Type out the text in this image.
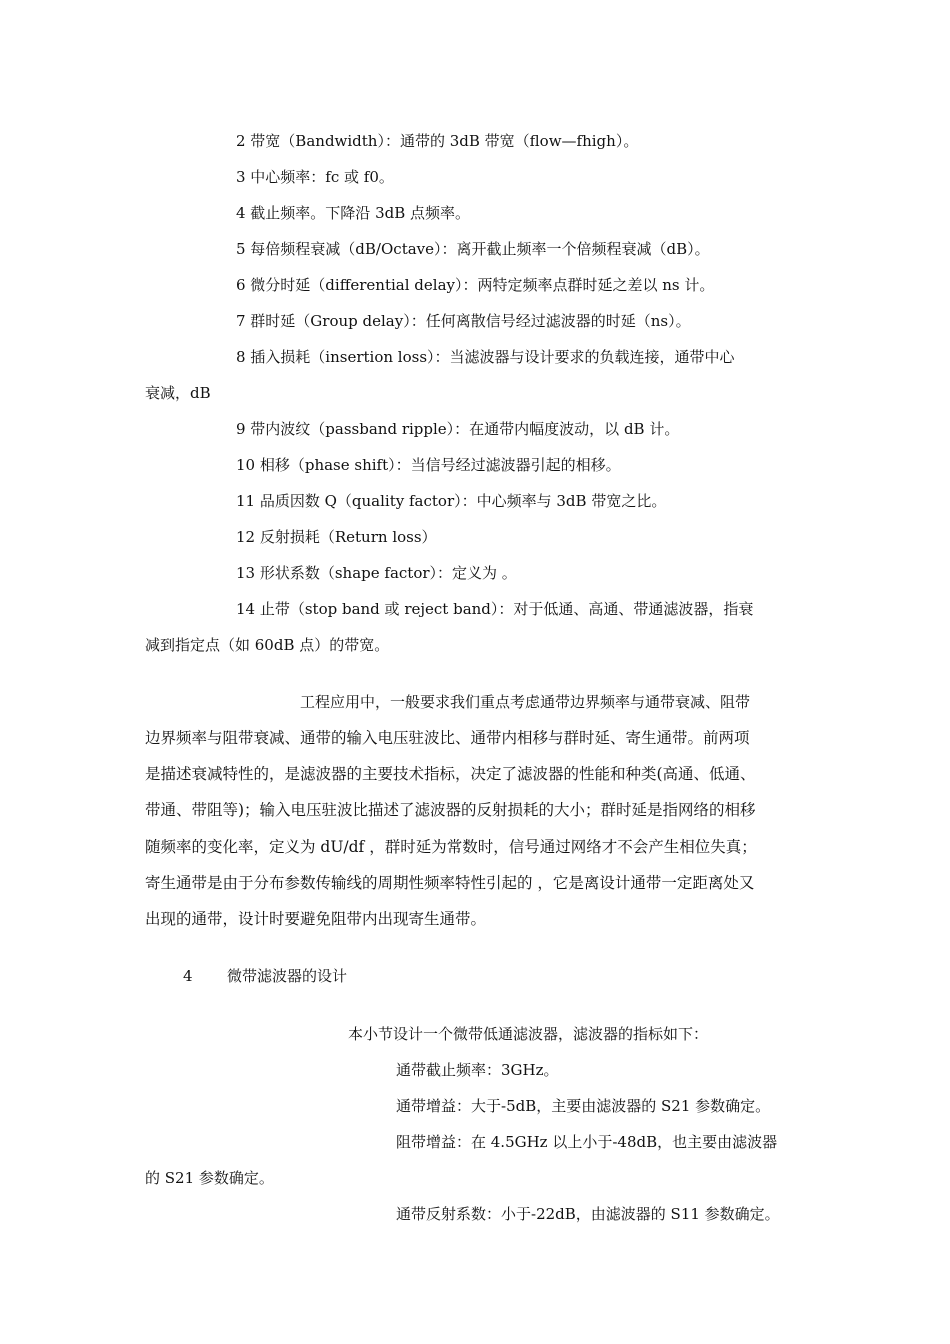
2 带宽（Bandwidth）：通带的 3dB 带宽（flow—fhigh）。
3 中心频率：fc 或 f0。
4 截止频率。下降沿 3dB 点频率。
5 每倍频程衰减（dB/Octave）：离开截止频率一个倍频程衰减（dB）。
6 微分时延（differential delay）：两特定频率点群时延之差以 ns 计。
7 群时延（Group delay）：任何离散信号经过滤波器的时延（ns）。
8 插入损耗（insertion loss）：当滤波器与设计要求的负载连接，通带中心
衰减，dB
9 带内波纹（passband ripple）：在通带内幅度波动，以 dB 计。
10 相移（phase shift）：当信号经过滤波器引起的相移。
11 品质因数 Q（quality factor）：中心频率与 3dB 带宽之比。
12 反射损耗（Return loss）
13 形状系数（shape factor）：定义为 。
14 止带（stop band 或 reject band）：对于低通、高通、带通滤波器，指衰
减到指定点（如 60dB 点）的带宽。
工程应用中，一般要求我们重点考虑通带边界频率与通带衰减、阻带
边界频率与阻带衰减、通带的输入电压驻波比、通带内相移与群时延、寄生通带。前两项
是描述衰减特性的，是滤波器的主要技术指标，决定了滤波器的性能和种类(高通、低通、
带通、带阻等)；输入电压驻波比描述了滤波器的反射损耗的大小；群时延是指网络的相移
随频率的变化率，定义为 dU/df ，群时延为常数时，信号通过网络才不会产生相位失真；
寄生通带是由于分布参数传输线的周期性频率特性引起的 ，它是离设计通带一定距离处又
出现的通带，设计时要避免阻带内出现寄生通带。
4 微带滤波器的设计
本小节设计一个微带低通滤波器，滤波器的指标如下：
通带截止频率：3GHz。
通带增益：大于-5dB，主要由滤波器的 S21 参数确定。
阻带增益：在 4.5GHz 以上小于-48dB，也主要由滤波器
的 S21 参数确定。
通带反射系数：小于-22dB，由滤波器的 S11 参数确定。
